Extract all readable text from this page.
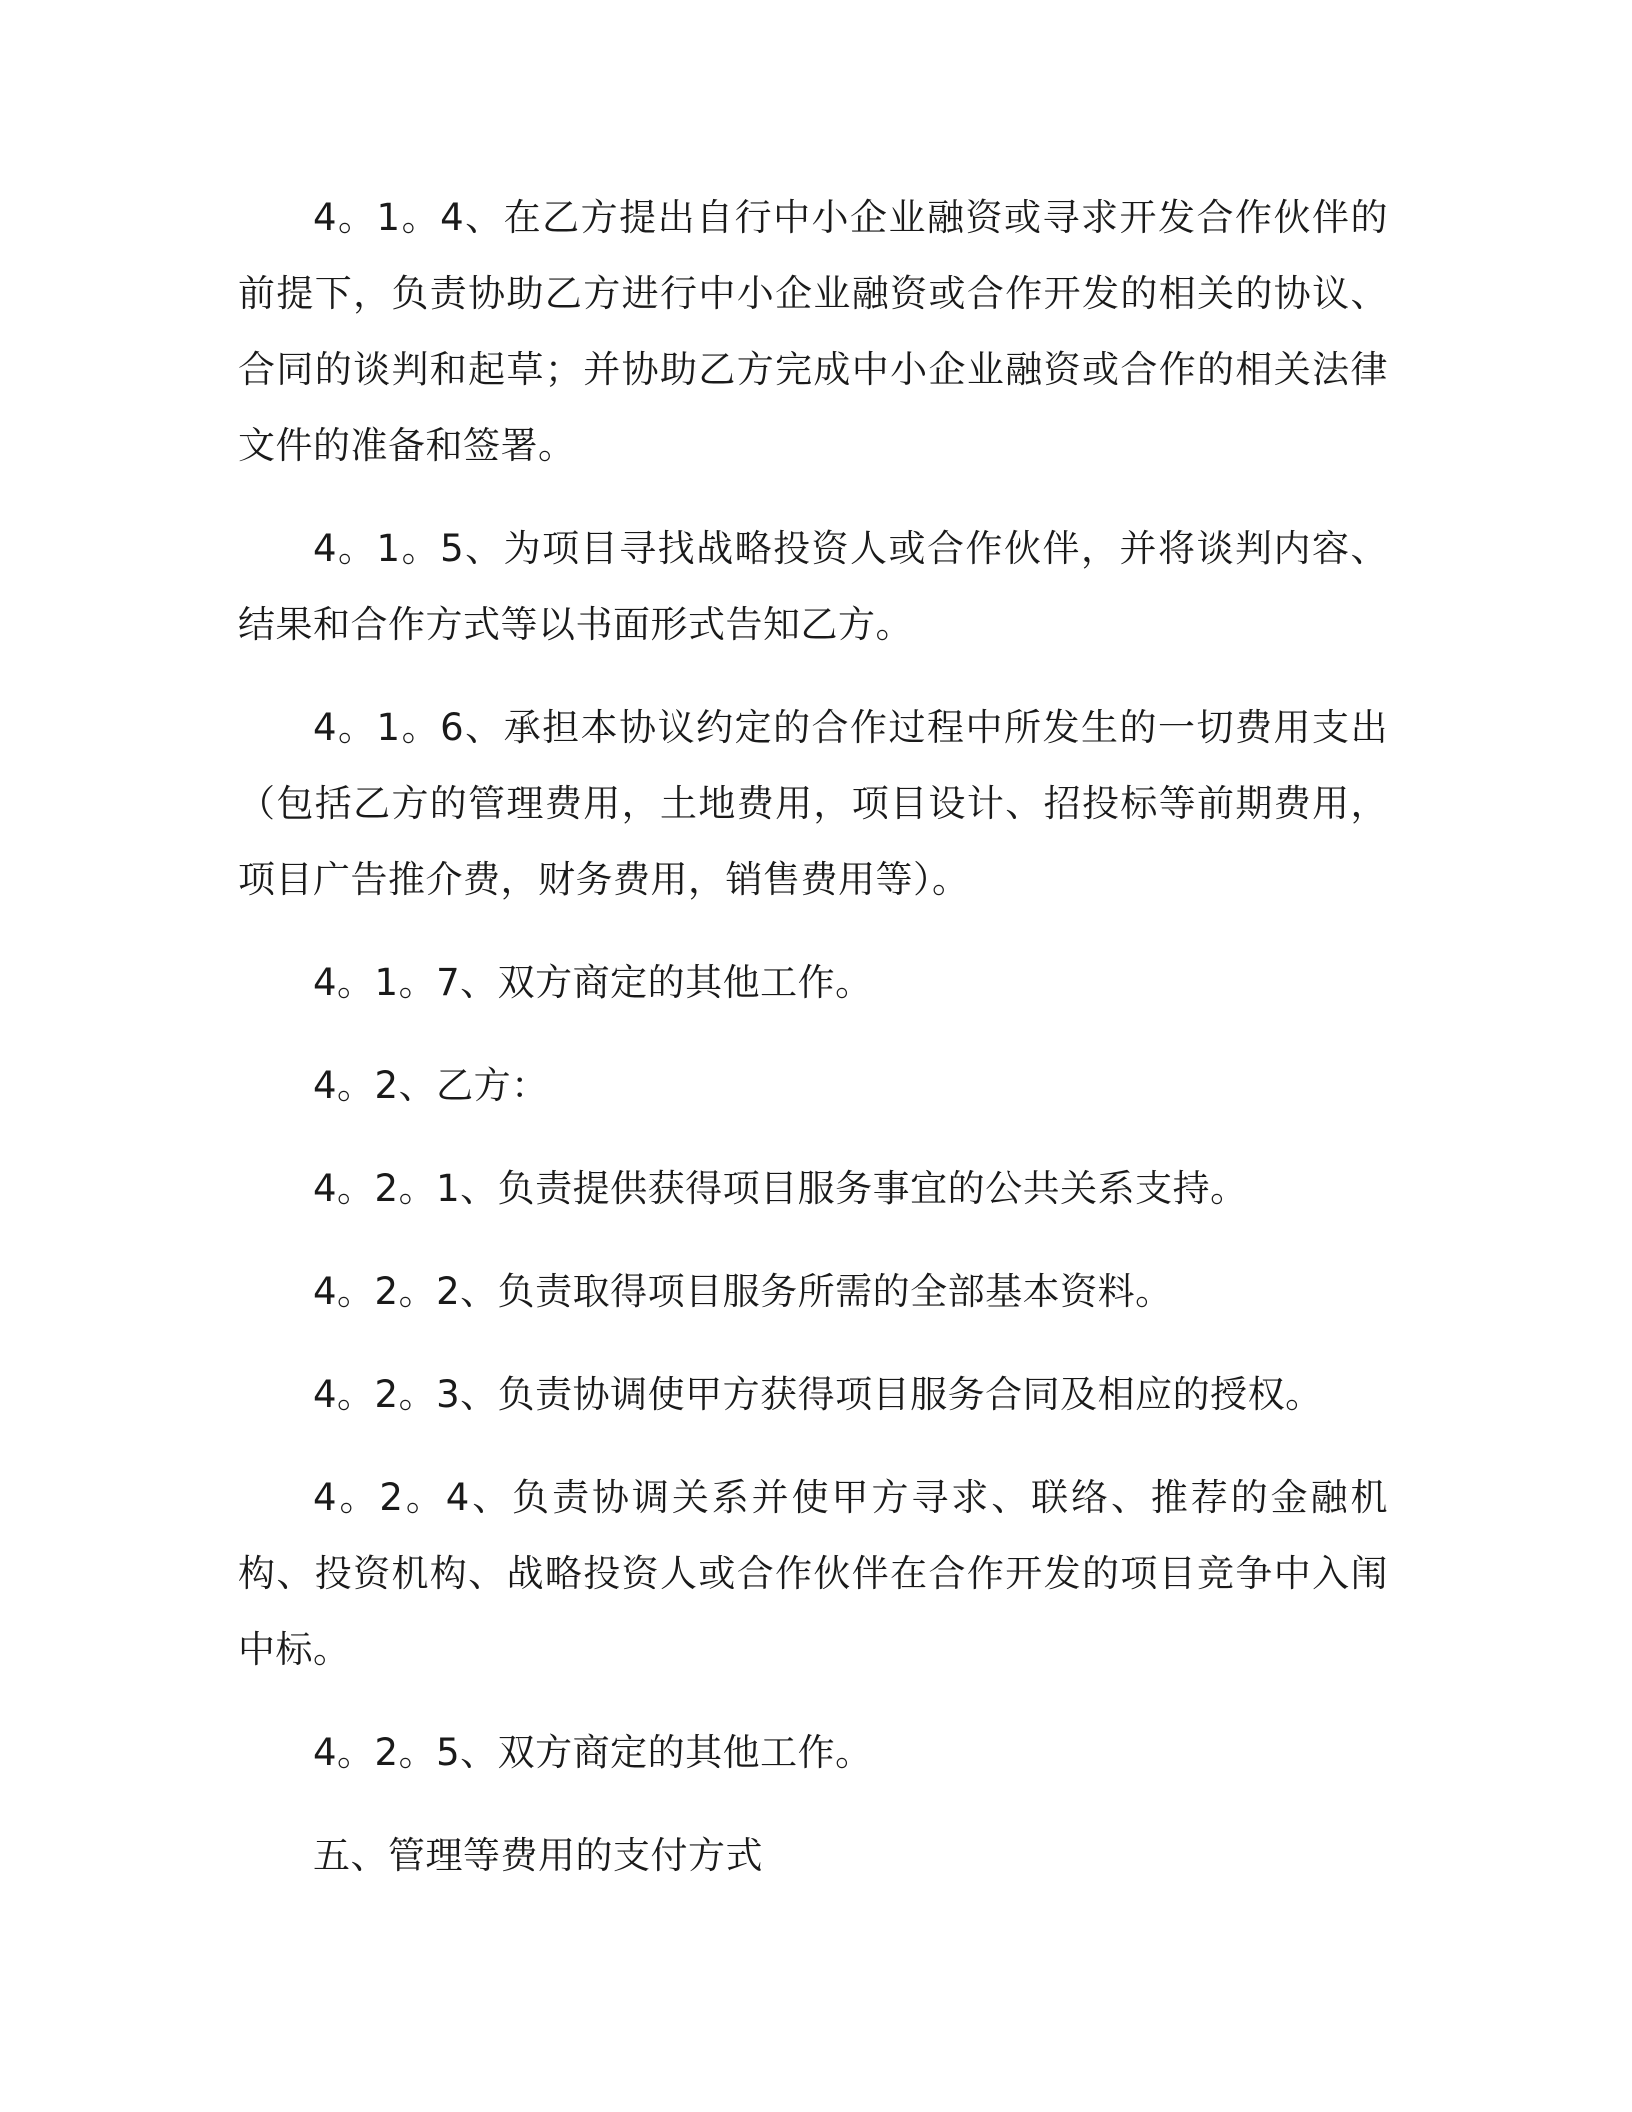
4。1。4、在乙方提出自行中小企业融资或寻求开发合作伙伴的前提下，负责协助乙方进行中小企业融资或合作开发的相关的协议、合同的谈判和起草；并协助乙方完成中小企业融资或合作的相关法律文件的准备和签署。

4。1。5、为项目寻找战略投资人或合作伙伴，并将谈判内容、结果和合作方式等以书面形式告知乙方。

4。1。6、承担本协议约定的合作过程中所发生的一切费用支出（包括乙方的管理费用，土地费用，项目设计、招投标等前期费用，项目广告推介费，财务费用，销售费用等）。

4。1。7、双方商定的其他工作。

4。2、乙方：

4。2。1、负责提供获得项目服务事宜的公共关系支持。

4。2。2、负责取得项目服务所需的全部基本资料。

4。2。3、负责协调使甲方获得项目服务合同及相应的授权。

4。2。4、负责协调关系并使甲方寻求、联络、推荐的金融机构、投资机构、战略投资人或合作伙伴在合作开发的项目竞争中入闱中标。

4。2。5、双方商定的其他工作。

五、管理等费用的支付方式
